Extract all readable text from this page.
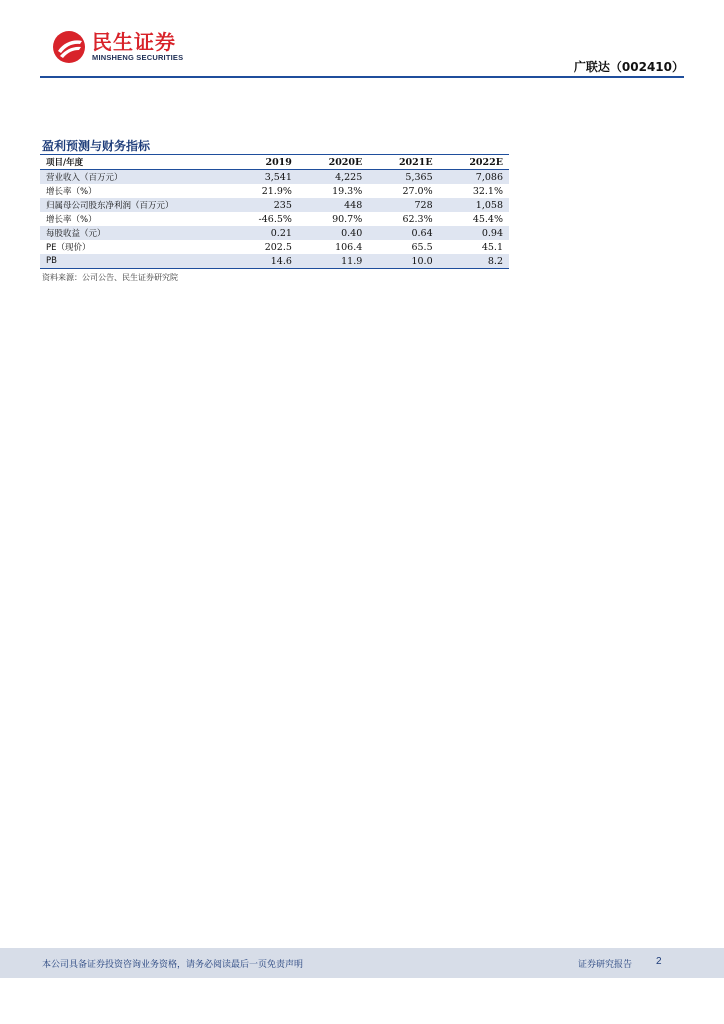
民生证券
MINSHENG SECURITIES
广联达（002410）
盈利预测与财务指标
项目/年度	2019	2020E	2021E	2022E
营业收入（百万元）	3,541	4,225	5,365	7,086
增长率（%）	21.9%	19.3%	27.0%	32.1%
归属母公司股东净利润（百万元）	235	448	728	1,058
增长率（%）	-46.5%	90.7%	62.3%	45.4%
每股收益（元）	0.21	0.40	0.64	0.94
PE（现价）	202.5	106.4	65.5	45.1
PB	14.6	11.9	10.0	8.2
资料来源：公司公告、民生证券研究院
本公司具备证券投资咨询业务资格，请务必阅读最后一页免责声明	证券研究报告 2
